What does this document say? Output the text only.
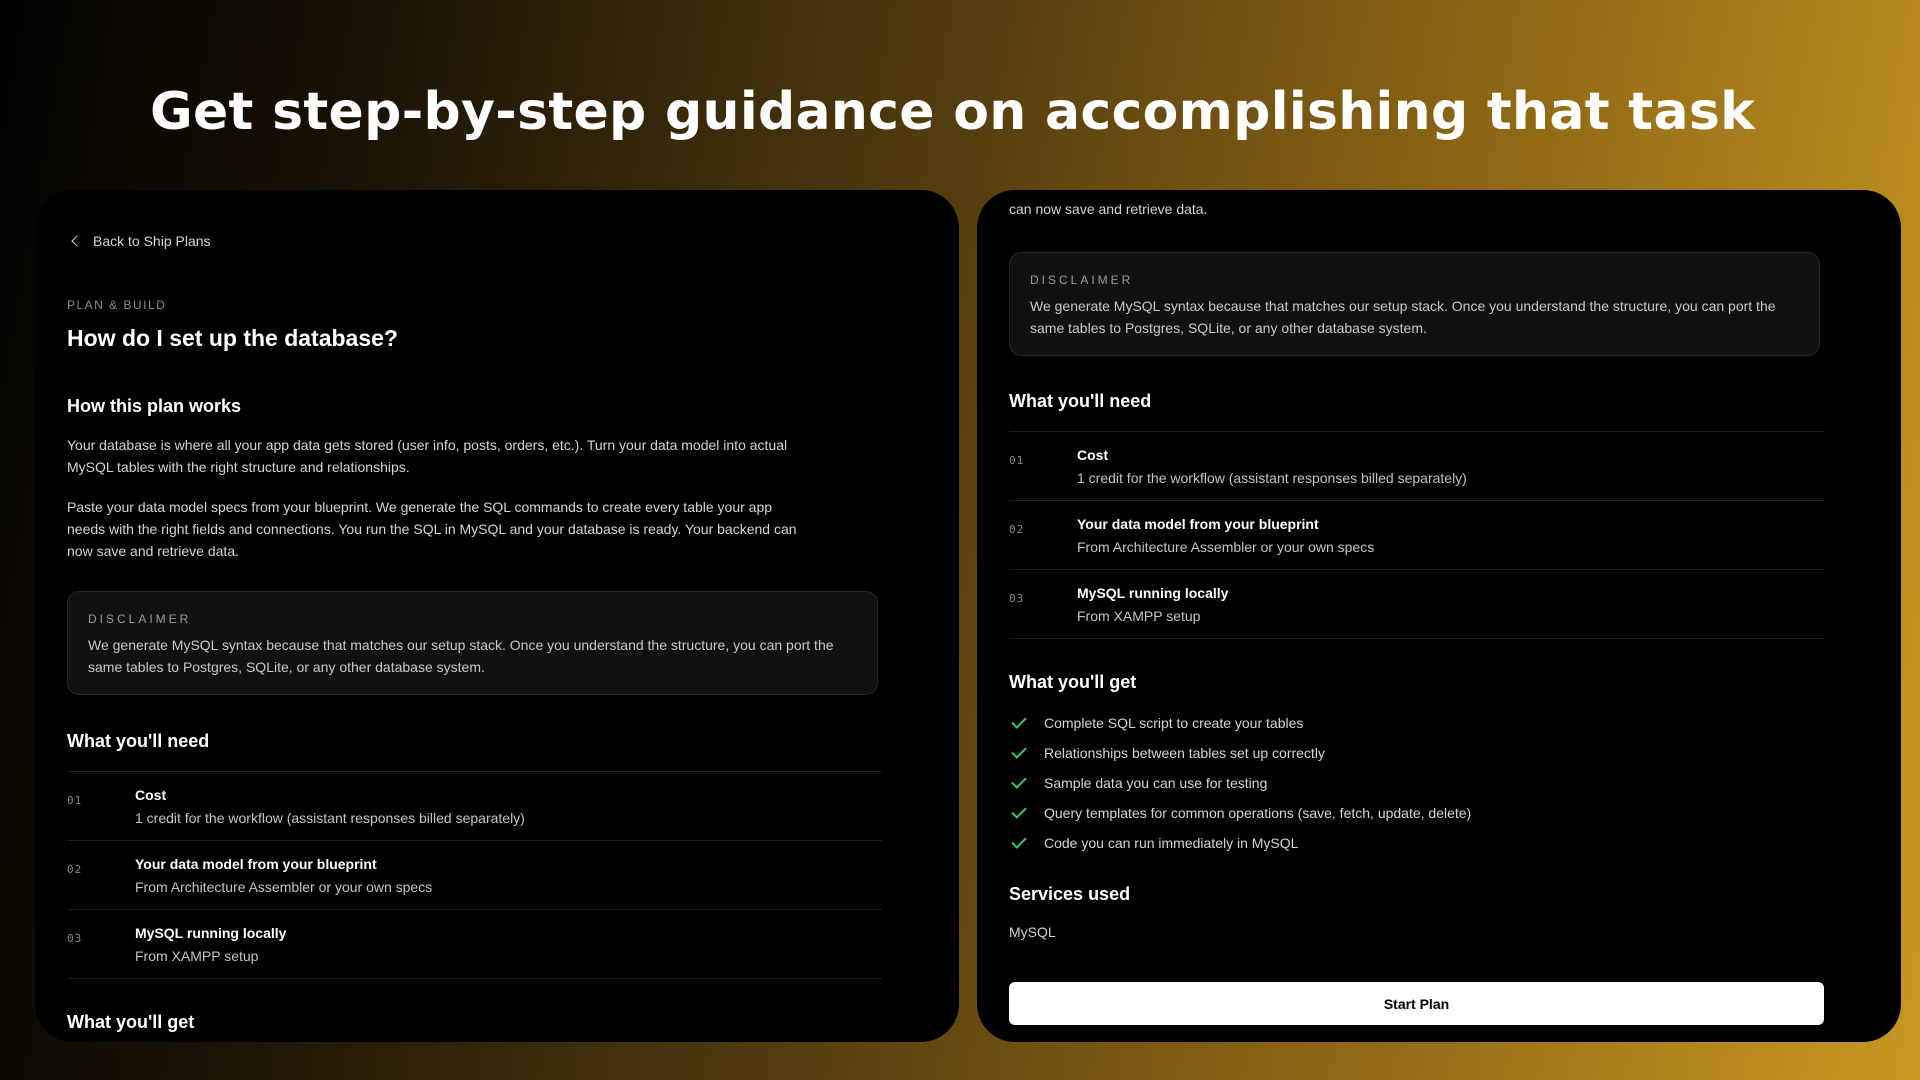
Get step-by-step guidance on accomplishing that task
Back to Ship Plans
PLAN & BUILD
How do I set up the database?
How this plan works

Your database is where all your app data gets stored (user info, posts, orders, etc.). Turn your data model into actual MySQL tables with the right structure and relationships.

Paste your data model specs from your blueprint. We generate the SQL commands to create every table your app needs with the right fields and connections. You run the SQL in MySQL and your database is ready. Your backend can now save and retrieve data.

DISCLAIMER
We generate MySQL syntax because that matches our setup stack. Once you understand the structure, you can port the same tables to Postgres, SQLite, or any other database system.
What you'll need
01	Cost
1 credit for the workflow (assistant responses billed separately)
02	Your data model from your blueprint
From Architecture Assembler or your own specs
03	MySQL running locally
From XAMPP setup
What you'll get
can now save and retrieve data.
DISCLAIMER
We generate MySQL syntax because that matches our setup stack. Once you understand the structure, you can port the same tables to Postgres, SQLite, or any other database system.
What you'll need
01	Cost
1 credit for the workflow (assistant responses billed separately)
02	Your data model from your blueprint
From Architecture Assembler or your own specs
03	MySQL running locally
From XAMPP setup
What you'll get
Complete SQL script to create your tables
Relationships between tables set up correctly
Sample data you can use for testing
Query templates for common operations (save, fetch, update, delete)
Code you can run immediately in MySQL
Services used
MySQL
Start Plan
